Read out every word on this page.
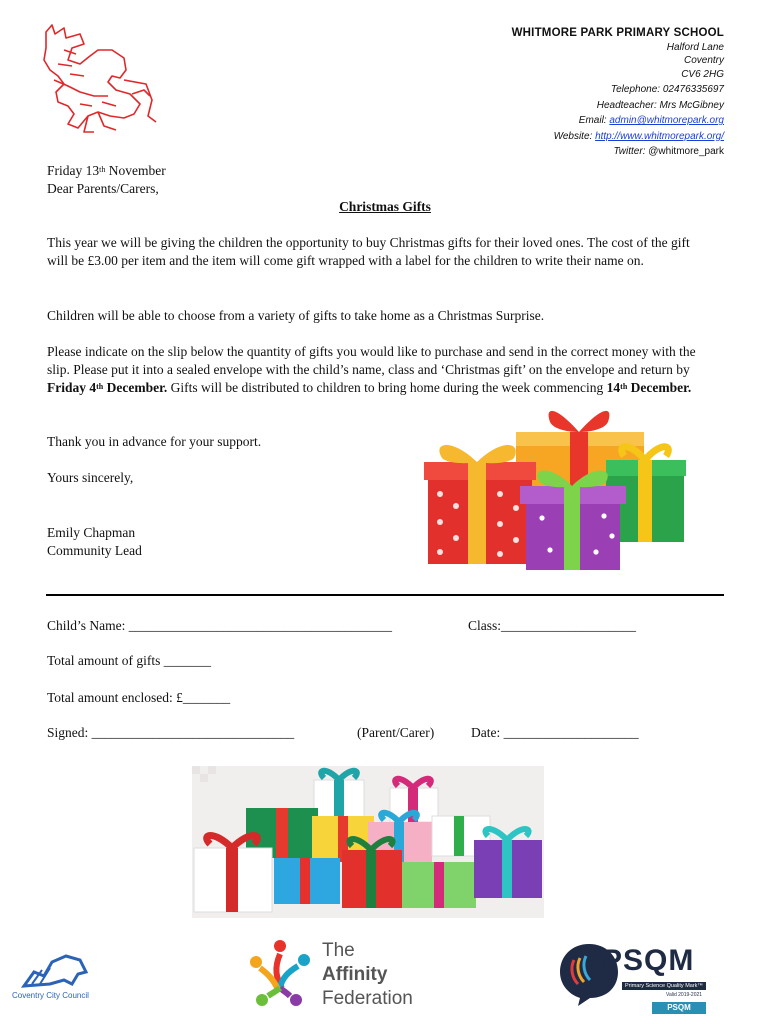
WHITMORE PARK PRIMARY SCHOOL
Halford Lane
Coventry
CV6 2HG
Telephone: 02476335697
Headteacher: Mrs McGibney
Email: admin@whitmorepark.org
Website: http://www.whitmorepark.org/
Twitter: @whitmore_park
Friday 13th November
Dear Parents/Carers,
Christmas Gifts
This year we will be giving the children the opportunity to buy Christmas gifts for their loved ones. The cost of the gift will be £3.00 per item and the item will come gift wrapped with a label for the children to write their name on.
Children will be able to choose from a variety of gifts to take home as a Christmas Surprise.
Please indicate on the slip below the quantity of gifts you would like to purchase and send in the correct money with the slip. Please put it into a sealed envelope with the child’s name, class and ‘Christmas gift’ on the envelope and return by Friday 4th December. Gifts will be distributed to children to bring home during the week commencing 14th December.
Thank you in advance for your support.
Yours sincerely,
Emily Chapman
Community Lead
Child’s Name: _______________________________________	Class:____________________
Total amount of gifts _______
Total amount enclosed: £_______
Signed: ______________________________	(Parent/Carer)	Date: ____________________
Coventry City Council
The
Affinity
Federation
PSQM
Primary Science Quality Mark™
Valid 2019-2021
PSQM
